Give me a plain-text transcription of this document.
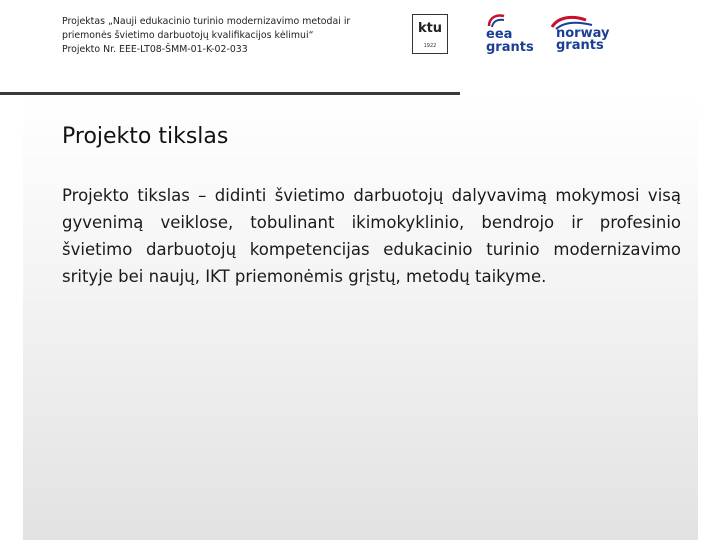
Projektas „Nauji edukacinio turinio modernizavimo metodai ir
priemonės švietimo darbuotojų kvalifikacijos kėlimui“
Projekto Nr. EEE-LT08-ŠMM-01-K-02-033
ktu
1922
eea
grants
norway
grants
Projekto tikslas

Projekto tikslas – didinti švietimo darbuotojų dalyvavimą mokymosi visą gyvenimą veiklose, tobulinant ikimokyklinio, bendrojo ir profesinio švietimo darbuotojų kompetencijas edukacinio turinio modernizavimo srityje bei naujų, IKT priemonėmis grįstų, metodų taikyme.
